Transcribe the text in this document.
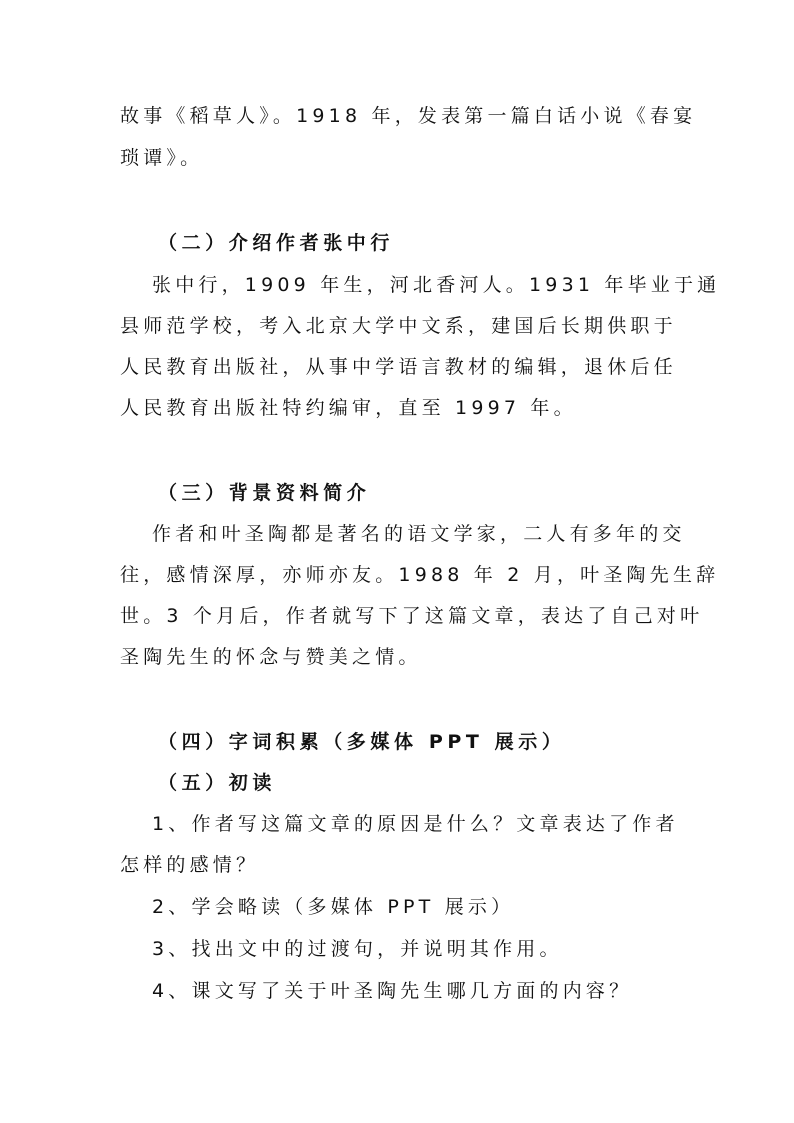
故事《稻草人》。1918 年，发表第一篇白话小说《春宴
琐谭》。
（二）介绍作者张中行
张中行，1909 年生，河北香河人。1931 年毕业于通
县师范学校，考入北京大学中文系，建国后长期供职于
人民教育出版社，从事中学语言教材的编辑，退休后任
人民教育出版社特约编审，直至 1997 年。
（三）背景资料简介
作者和叶圣陶都是著名的语文学家，二人有多年的交
往，感情深厚，亦师亦友。1988 年 2 月，叶圣陶先生辞
世。3 个月后，作者就写下了这篇文章，表达了自己对叶
圣陶先生的怀念与赞美之情。
（四）字词积累（多媒体 PPT 展示）
（五）初读
1、作者写这篇文章的原因是什么？文章表达了作者
怎样的感情？
2、学会略读（多媒体 PPT 展示）
3、找出文中的过渡句，并说明其作用。
4、课文写了关于叶圣陶先生哪几方面的内容？
